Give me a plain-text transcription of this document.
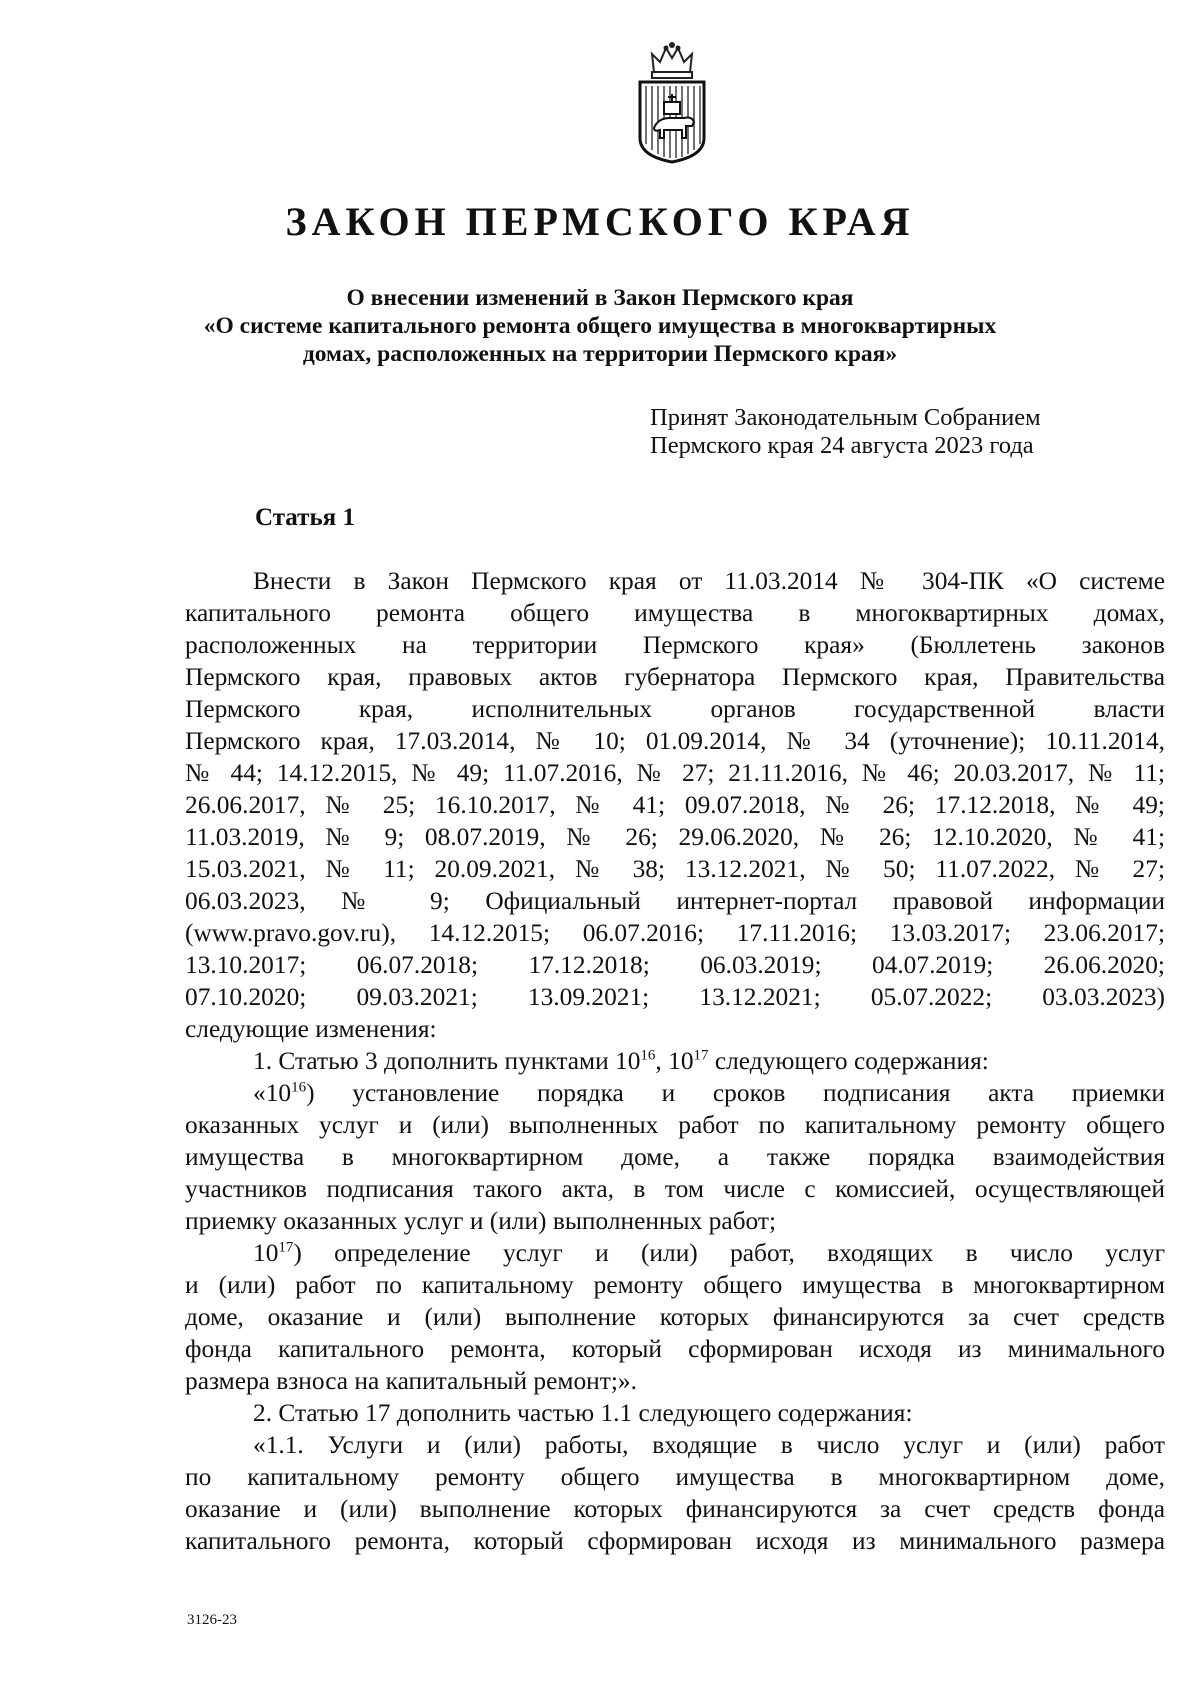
ЗАКОН ПЕРМСКОГО КРАЯ
О внесении изменений в Закон Пермского края
«О системе капитального ремонта общего имущества в многоквартирных
домах, расположенных на территории Пермского края»
Принят Законодательным Собранием
Пермского края 24 августа 2023 года
Статья 1

Внести в Закон Пермского края от 11.03.2014 № 304-ПК «О системе
капитального ремонта общего имущества в многоквартирных домах,
расположенных на территории Пермского края» (Бюллетень законов
Пермского края, правовых актов губернатора Пермского края, Правительства
Пермского края, исполнительных органов государственной власти
Пермского края, 17.03.2014, № 10; 01.09.2014, № 34 (уточнение); 10.11.2014,
№ 44; 14.12.2015, № 49; 11.07.2016, № 27; 21.11.2016, № 46; 20.03.2017, № 11;
26.06.2017, № 25; 16.10.2017, № 41; 09.07.2018, № 26; 17.12.2018, № 49;
11.03.2019, № 9; 08.07.2019, № 26; 29.06.2020, № 26; 12.10.2020, № 41;
15.03.2021, № 11; 20.09.2021, № 38; 13.12.2021, № 50; 11.07.2022, № 27;
06.03.2023, № 9; Официальный интернет-портал правовой информации
(www.pravo.gov.ru), 14.12.2015; 06.07.2016; 17.11.2016; 13.03.2017; 23.06.2017;
13.10.2017; 06.07.2018; 17.12.2018; 06.03.2019; 04.07.2019; 26.06.2020;
07.10.2020; 09.03.2021; 13.09.2021; 13.12.2021; 05.07.2022; 03.03.2023)
следующие изменения:

1. Статью 3 дополнить пунктами $10^{16}$, $10^{17}$ следующего содержания:

«$10^{16}$) установление порядка и сроков подписания акта приемки
оказанных услуг и (или) выполненных работ по капитальному ремонту общего
имущества в многоквартирном доме, а также порядка взаимодействия
участников подписания такого акта, в том числе с комиссией, осуществляющей
приемку оказанных услуг и (или) выполненных работ;

$10^{17}$) определение услуг и (или) работ, входящих в число услуг
и (или) работ по капитальному ремонту общего имущества в многоквартирном
доме, оказание и (или) выполнение которых финансируются за счет средств
фонда капитального ремонта, который сформирован исходя из минимального
размера взноса на капитальный ремонт;».

2. Статью 17 дополнить частью 1.1 следующего содержания:

«1.1. Услуги и (или) работы, входящие в число услуг и (или) работ
по капитальному ремонту общего имущества в многоквартирном доме,
оказание и (или) выполнение которых финансируются за счет средств фонда
капитального ремонта, который сформирован исходя из минимального размера

3126-23
